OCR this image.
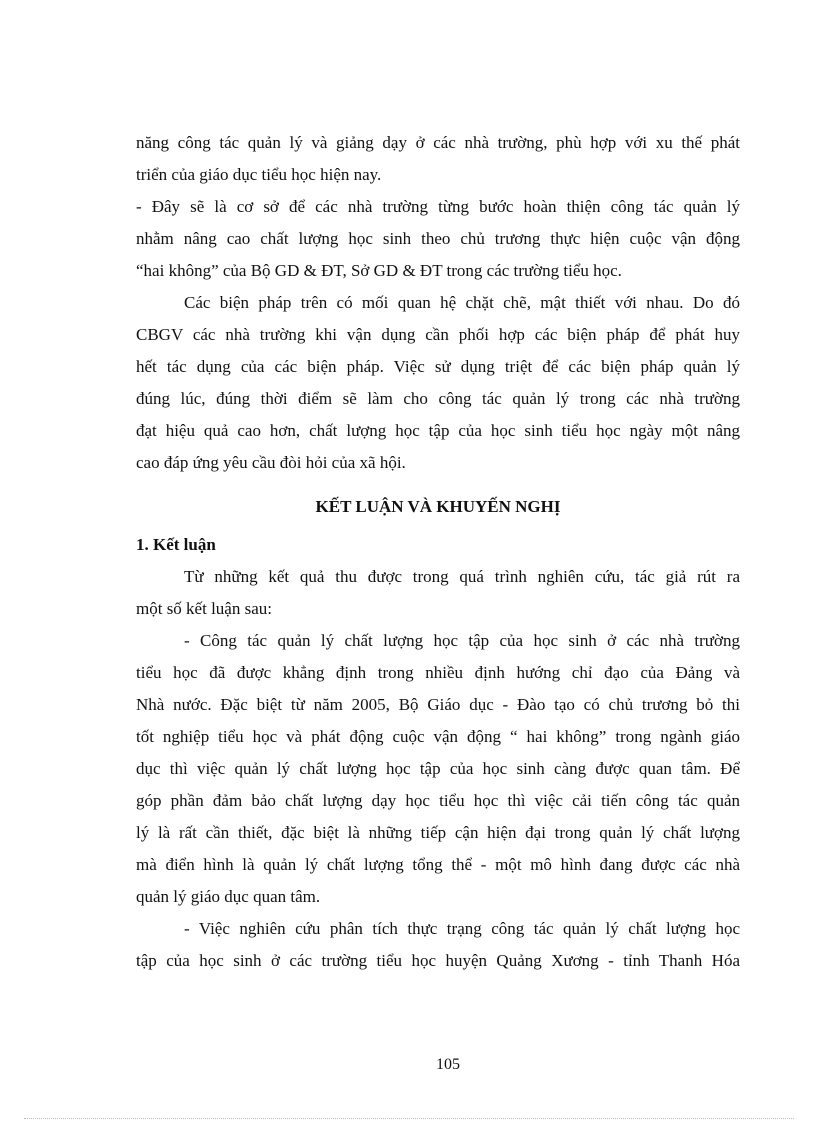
năng công tác quản lý và giảng dạy ở các nhà trường, phù hợp với xu thế phát
triển của giáo dục tiểu học hiện nay.
- Đây sẽ là cơ sở để các nhà trường từng bước hoàn thiện công tác quản lý
nhằm nâng cao chất lượng học sinh theo chủ trương thực hiện cuộc vận động
“hai không” của Bộ GD & ĐT, Sở GD & ĐT trong các trường tiểu học.
Các biện pháp trên có mối quan hệ chặt chẽ, mật thiết với nhau. Do đó
CBGV các nhà trường khi vận dụng cần phối hợp các biện pháp để phát huy
hết tác dụng của các biện pháp. Việc sử dụng triệt để các biện pháp quản lý
đúng lúc, đúng thời điểm sẽ làm cho công tác quản lý trong các nhà trường
đạt hiệu quả cao hơn, chất lượng học tập của học sinh tiểu học ngày một nâng
cao đáp ứng yêu cầu đòi hỏi của xã hội.
KẾT LUẬN VÀ KHUYẾN NGHỊ
1. Kết luận
Từ những kết quả thu được trong quá trình nghiên cứu, tác giả rút ra
một số kết luận sau:
- Công tác quản lý chất lượng học tập của học sinh ở các nhà trường
tiểu học đã được khẳng định trong nhiều định hướng chỉ đạo của Đảng và
Nhà nước. Đặc biệt từ năm 2005, Bộ Giáo dục - Đào tạo có chủ trương bỏ thi
tốt nghiệp tiểu học và phát động cuộc vận động “ hai không” trong ngành giáo
dục thì việc quản lý chất lượng học tập của học sinh càng được quan tâm. Để
góp phần đảm bảo chất lượng dạy học tiểu học thì việc cải tiến công tác quản
lý là rất cần thiết, đặc biệt là những tiếp cận hiện đại trong quản lý chất lượng
mà điển hình là quản lý chất lượng tổng thể - một mô hình đang được các nhà
quản lý giáo dục quan tâm.
- Việc nghiên cứu phân tích thực trạng công tác quản lý chất lượng học
tập của học sinh ở các trường tiểu học huyện Quảng Xương - tỉnh Thanh Hóa
105
